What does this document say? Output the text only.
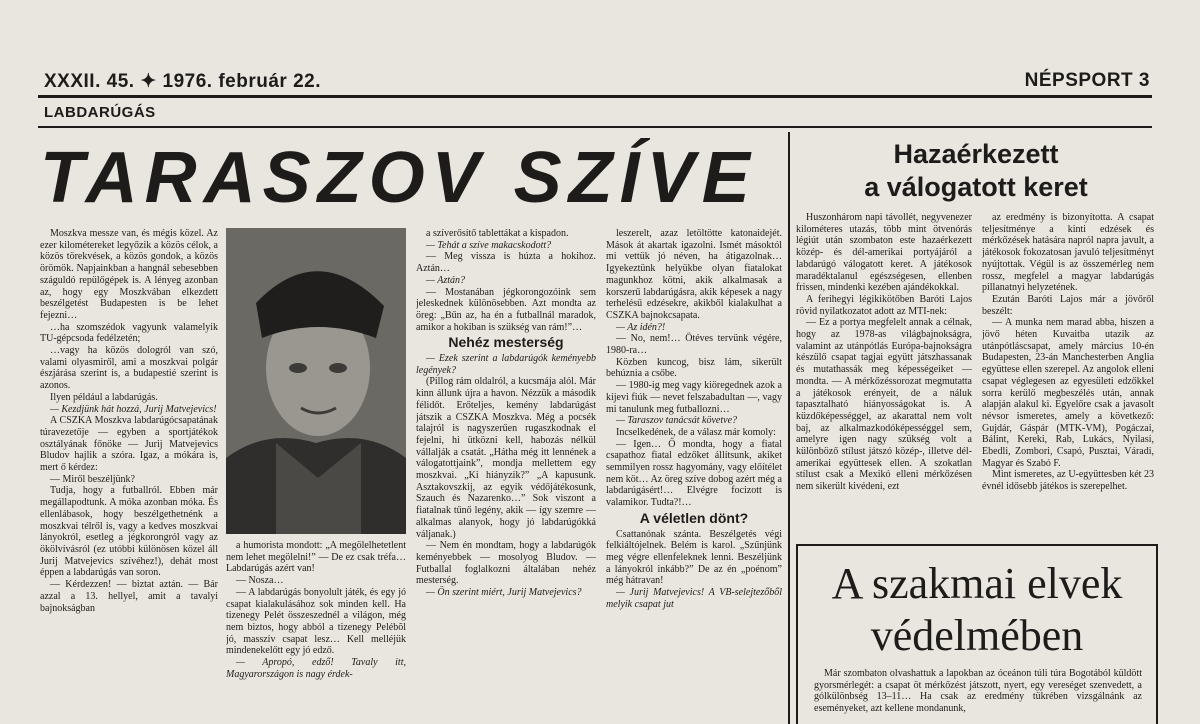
XXXII. 45. ✦ 1976. február 22.	NÉPSPORT 3
LABDARÚGÁS
TARASZOV SZÍVE

Moszkva messze van, és mégis közel. Az ezer kilométereket legyőzik a közös célok, a közös törekvések, a közös gondok, a közös örömök. Napjainkban a hangnál sebesebben száguldó repülőgépek is. A lényeg azonban az, hogy egy Moszkvában elkezdett beszélgetést Budapesten is be lehet fejezni…

…ha szomszédok vagyunk valamelyik TU-gépcsoda fedélzetén;

…vagy ha közös dologról van szó, valami olyasmiről, ami a moszkvai polgár észjárása szerint is, a budapestié szerint is azonos.

Ilyen például a labdarúgás.

— Kezdjünk hát hozzá, Jurij Matvejevics!

A CSZKA Moszkva labdarúgócsapatának túravezetője — egyben a sportjátékok osztályának főnöke — Jurij Matvejevics Bludov hajlik a szóra. Igaz, a mókára is, mert ő kérdez:

— Miről beszéljünk?

Tudja, hogy a futballról. Ebben már megállapodtunk. A móka azonban móka. És ellenlábasok, hogy beszélgethetnénk a moszkvai télről is, vagy a kedves moszkvai lányokról, esetleg a jégkorongról vagy az ökölvívásról (ez utóbbi különösen közel áll Jurij Matvejevics szívéhez!), dehát most éppen a labdarúgás van soron.

— Kérdezzen! — biztat aztán. — Bár azzal a 13. hellyel, amit a tavalyi bajnokságban

a humorista mondott: „A megölelhetetlent nem lehet megölelni!” — De ez csak tréfa… Labdarúgás azért van!

— Nosza…

— A labdarúgás bonyolult játék, és egy jó csapat kialakulásához sok minden kell. Ha tizenegy Pelét összeszednél a világon, még nem biztos, hogy abból a tizenegy Pelébõl jó, masszív csapat lesz… Kell melléjük mindenekelőtt egy jó edző.

— Apropó, edző! Tavaly itt, Magyarországon is nagy érdek-

a szíverősítő tablettákat a kispadon.

— Tehát a szíve makacskodott?

— Meg vissza is húzta a hokihoz. Aztán…

— Aztán?

— Mostanában jégkorongozóink sem jeleskednek különösebben. Azt mondta az öreg: „Bűn az, ha én a futballnál maradok, amikor a hokiban is szükség van rám!”…

Nehéz mesterség

— Ezek szerint a labdarúgók keményebb legények?

(Pillog rám oldalról, a kucsmája alól. Már kinn állunk újra a havon. Nézzük a második félidőt. Erőteljes, kemény labdarúgást játszik a CSZKA Moszkva. Még a pocsék talajról is nagyszerűen rugaszkodnak el fejelni, hi ütközni kell, habozás nélkül vállalják a csatát. „Hátha még itt lennének a válogatottjaink”, mondja mellettem egy moszkvai. „Ki hiányzik?” „A kapusunk. Asztakovszkij, az egyik védőjátékosunk, Szauch és Nazarenko…” Sok viszont a fiatalnak tűnő legény, akik — így szemre — alkalmas alanyok, hogy jó labdarúgókká váljanak.)

— Nem én mondtam, hogy a labdarúgók keményebbek — mosolyog Bludov. — Futballal foglalkozni általában nehéz mesterség.

— Ön szerint miért, Jurij Matvejevics?

leszerelt, azaz letöltötte katonaidejét. Mások át akartak igazolni. Ismét másoktól mi vettük jó néven, ha átigazolnak… Igyekeztünk helyükbe olyan fiatalokat magunkhoz kötni, akik alkalmasak a korszerű labdarúgásra, akik képesek a nagy terhelésű edzésekre, akikből kialakulhat a CSZKA bajnokcsapata.

— Az idén?!

— No, nem!… Ötéves tervünk végére, 1980-ra…

Közben kuncog, bisz lám, sikerült behúznia a csőbe.

— 1980-ig meg vagy kiöregednek azok a kijevi fiúk — nevet felszabadultan —, vagy mi tanulunk meg futballozni…

— Taraszov tanácsát követve?

Incselkedének, de a válasz már komoly:

— Igen… Ő mondta, hogy a fiatal csapathoz fiatal edzőket állítsunk, akiket semmilyen rossz hagyomány, vagy előítélet nem köt… Az öreg szíve dobog azért még a labdarúgásért!… Elvégre focizott is valamikor. Tudta?!…

A véletlen dönt?

Csattanónak szánta. Beszélgetés végi felkiáltójelnek. Belém is karol. „Szűnjünk meg végre ellenfeleknek lenni. Beszéljünk a lányokról inkább?” De az én „poénom” még hátravan!

— Jurij Matvejevics! A VB-selejtezőből melyik csapat jut

Hazaérkezett
a válogatott keret

Huszonhárom napi távollét, negyvenezer kilométeres utazás, több mint ötvenórás légiút után szombaton este hazaérkezett közép- és dél-amerikai portyájáról a labdarúgó válogatott keret. A játékosok maradéktalanul egészségesen, ellenben frissen, mindenki kezében ajándékokkal.

A ferihegyi légikikötőben Baróti Lajos rövid nyilatkozatot adott az MTI-nek:

— Ez a portya megfelelt annak a célnak, hogy az 1978-as világbajnokságra, valamint az utánpótlás Európa-bajnokságra készülő csapat tagjai együtt játszhassanak és mutathassák meg képességeiket — mondta. — A mérkőzéssorozat megmutatta a játékosok erényeit, de a náluk tapasztalható hiányosságokat is. A küzdőképességgel, az akarattal nem volt baj, az alkalmazkodóképességgel sem, amelyre igen nagy szükség volt a különböző stílust játszó közép-, illetve dél-amerikai együttesek ellen. A szokatlan stílust csak a Mexikó elleni mérkőzésen nem sikerült kivédeni, ezt

az eredmény is bizonyította. A csapat teljesítménye a kinti edzések és mérkőzések hatására napról napra javult, a játékosok fokozatosan javuló teljesítményt nyújtottak. Végül is az összemérleg nem rossz, megfelel a magyar labdarúgás pillanatnyi helyzetének.

Ezután Baróti Lajos már a jövőről beszélt:

— A munka nem marad abba, hiszen a jövő héten Kuvaitba utazik az utánpótláscsapat, amely március 10-én Budapesten, 23-án Manchesterben Anglia együttese ellen szerepel. Az angolok elleni csapat véglegesen az egyesületi edzőkkel sorra kerülő megbeszélés után, annak alapján alakul ki. Egyelőre csak a javasolt névsor ismeretes, amely a következő: Gujdár, Gáspár (MTK-VM), Pogáczai, Bálint, Kereki, Rab, Lukács, Nyilasi, Ebedli, Zombori, Csapó, Pusztai, Váradi, Magyar és Szabó F.

Mint ismeretes, az U-együttesben két 23 évnél idősebb játékos is szerepelhet.

A szakmai elvek
védelmében

Már szombaton olvashattuk a lapokban az óceánon túli túra Bogotából küldött gyorsmérlegét: a csapat öt mérkőzést játszott, nyert, egy vereséget szenvedett, a gólkülönbség 13–11… Ha csak az eredmény tükrében vizsgálnánk az eseményeket, azt kellene mondanunk,
